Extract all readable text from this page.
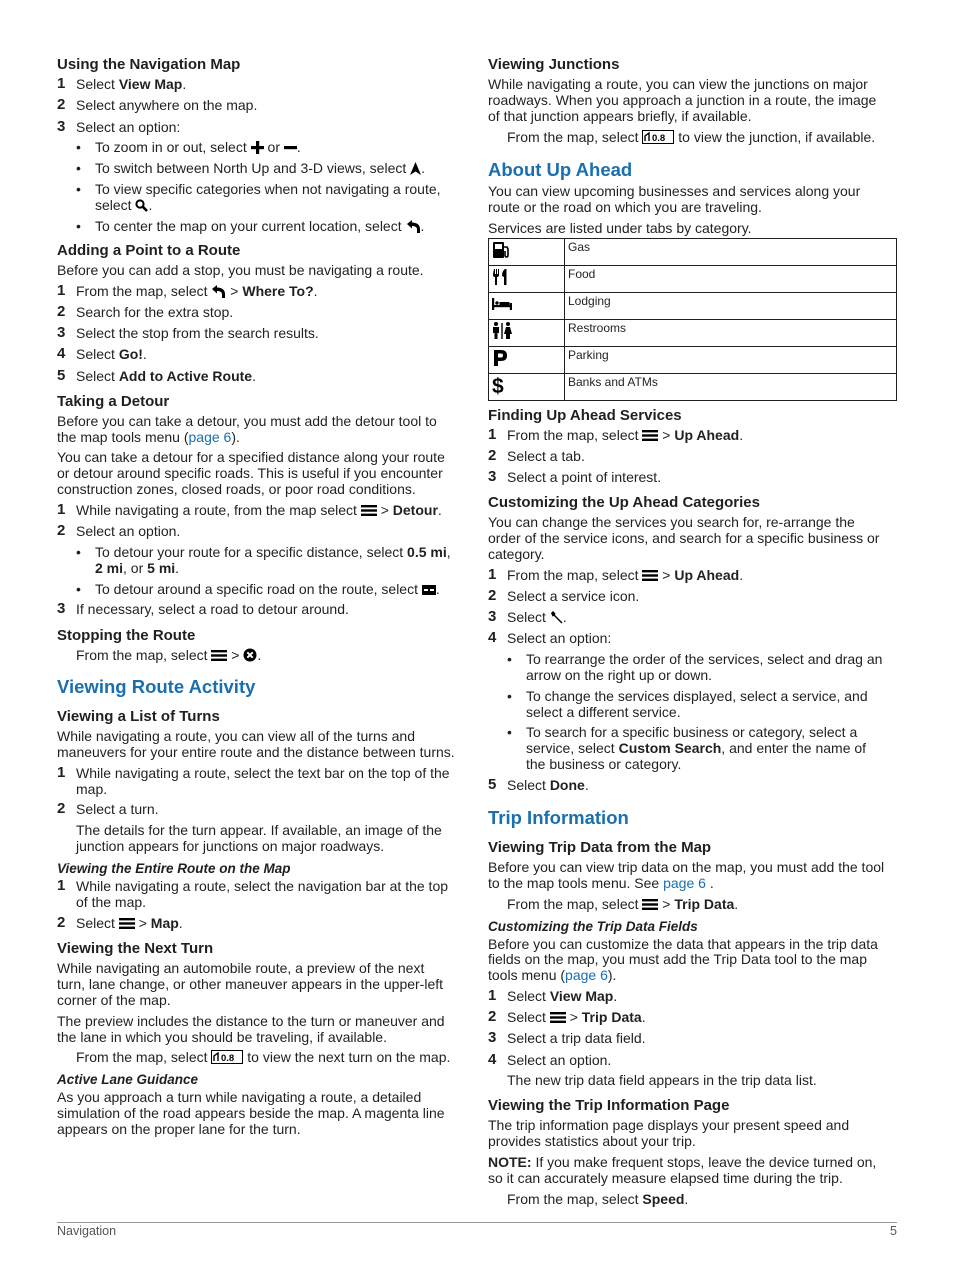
Using the Navigation Map
1 Select View Map.
2 Select anywhere on the map.
3 Select an option:
• To zoom in or out, select  or .
• To switch between North Up and 3-D views, select .
• To view specific categories when not navigating a route,
select .
• To center the map on your current location, select .
Adding a Point to a Route

Before you can add a stop, you must be navigating a route.

1 From the map, select  > Where To?.
2 Search for the extra stop.
3 Select the stop from the search results.
4 Select Go!.
5 Select Add to Active Route.
Taking a Detour

Before you can take a detour, you must add the detour tool to

the map tools menu (page 6).

You can take a detour for a specified distance along your route

or detour around specific roads. This is useful if you encounter

construction zones, closed roads, or poor road conditions.

1 While navigating a route, from the map select  > Detour.
2 Select an option.
• To detour your route for a specific distance, select 0.5 mi,
2 mi, or 5 mi.
• To detour around a specific road on the route, select .
3 If necessary, select a road to detour around.
Stopping the Route
From the map, select  > .
Viewing Route Activity
Viewing a List of Turns

While navigating a route, you can view all of the turns and

maneuvers for your entire route and the distance between turns.

1 While navigating a route, select the text bar on the top of the
map.
2 Select a turn.
The details for the turn appear. If available, an image of the
junction appears for junctions on major roadways.
Viewing the Entire Route on the Map
1 While navigating a route, select the navigation bar at the top
of the map.
2 Select  > Map.
Viewing the Next Turn

While navigating an automobile route, a preview of the next

turn, lane change, or other maneuver appears in the upper-left

corner of the map.

The preview includes the distance to the turn or maneuver and

the lane in which you should be traveling, if available.

From the map, select 0.8 to view the next turn on the map.
Active Lane Guidance

As you approach a turn while navigating a route, a detailed

simulation of the road appears beside the map. A magenta line

appears on the proper lane for the turn.

Viewing Junctions

While navigating a route, you can view the junctions on major

roadways. When you approach a junction in a route, the image

of that junction appears briefly, if available.

From the map, select 0.8 to view the junction, if available.
About Up Ahead

You can view upcoming businesses and services along your

route or the road on which you are traveling.

Services are listed under tabs by category.

	Gas
	Food
	Lodging
	Restrooms
	Parking

$	Banks and ATMs
Finding Up Ahead Services
1 From the map, select  > Up Ahead.
2 Select a tab.
3 Select a point of interest.
Customizing the Up Ahead Categories

You can change the services you search for, re-arrange the

order of the service icons, and search for a specific business or

category.

1 From the map, select  > Up Ahead.
2 Select a service icon.
3 Select .
4 Select an option:
• To rearrange the order of the services, select and drag an
arrow on the right up or down.
• To change the services displayed, select a service, and
select a different service.
• To search for a specific business or category, select a
service, select Custom Search, and enter the name of
the business or category.
5 Select Done.
Trip Information
Viewing Trip Data from the Map

Before you can view trip data on the map, you must add the tool

to the map tools menu. See page 6 .

From the map, select  > Trip Data.
Customizing the Trip Data Fields

Before you can customize the data that appears in the trip data

fields on the map, you must add the Trip Data tool to the map

tools menu (page 6).

1 Select View Map.
2 Select  > Trip Data.
3 Select a trip data field.
4 Select an option.
The new trip data field appears in the trip data list.
Viewing the Trip Information Page

The trip information page displays your present speed and

provides statistics about your trip.

NOTE: If you make frequent stops, leave the device turned on,

so it can accurately measure elapsed time during the trip.

From the map, select Speed.
Navigation	5
